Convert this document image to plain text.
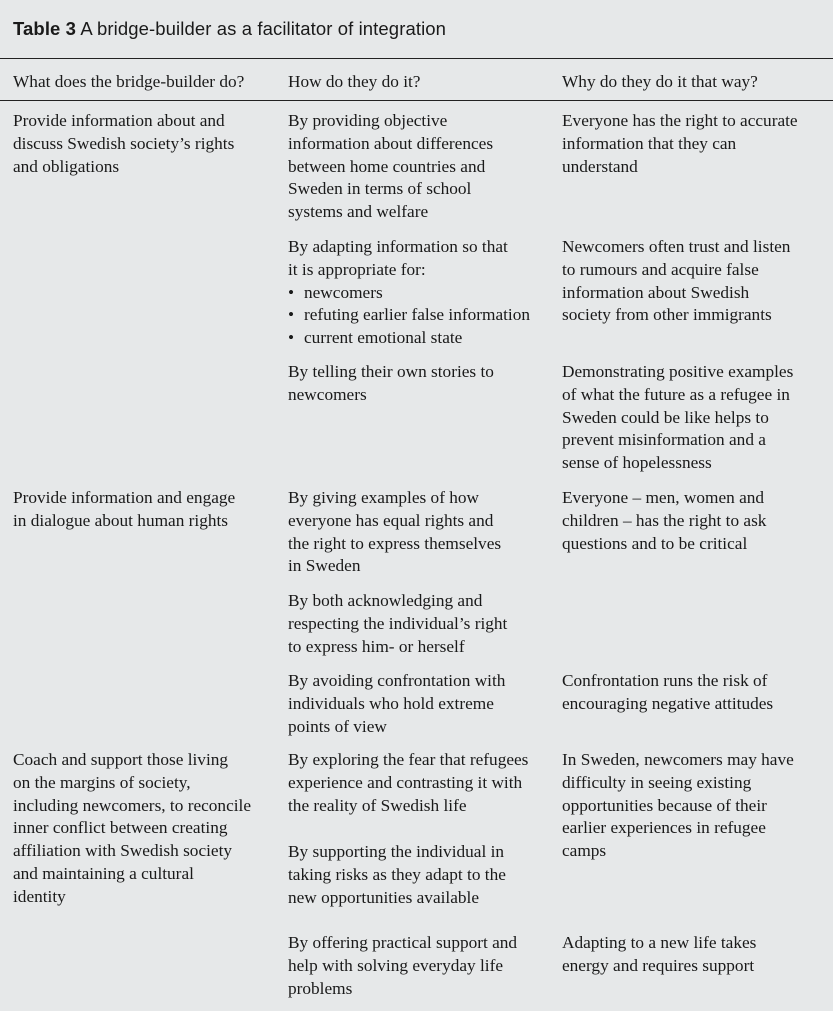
Table 3 A bridge-builder as a facilitator of integration
What does the bridge-builder do?	How do they do it?	Why do they do it that way?
Provide information about and
discuss Swedish society’s rights
and obligations
By providing objective
information about differences
between home countries and
Sweden in terms of school
systems and welfare
Everyone has the right to accurate
information that they can
understand
By adapting information so that
it is appropriate for:
• newcomers
• refuting earlier false information
• current emotional state
Newcomers often trust and listen
to rumours and acquire false
information about Swedish
society from other immigrants
By telling their own stories to
newcomers
Demonstrating positive examples
of what the future as a refugee in
Sweden could be like helps to
prevent misinformation and a
sense of hopelessness
Provide information and engage
in dialogue about human rights
By giving examples of how
everyone has equal rights and
the right to express themselves
in Sweden
Everyone – men, women and
children – has the right to ask
questions and to be critical
By both acknowledging and
respecting the individual’s right
to express him- or herself
By avoiding confrontation with
individuals who hold extreme
points of view
Confrontation runs the risk of
encouraging negative attitudes
Coach and support those living
on the margins of society,
including newcomers, to reconcile
inner conflict between creating
affiliation with Swedish society
and maintaining a cultural
identity
By exploring the fear that refugees
experience and contrasting it with
the reality of Swedish life
In Sweden, newcomers may have
difficulty in seeing existing
opportunities because of their
earlier experiences in refugee
camps
By supporting the individual in
taking risks as they adapt to the
new opportunities available
By offering practical support and
help with solving everyday life
problems
Adapting to a new life takes
energy and requires support
